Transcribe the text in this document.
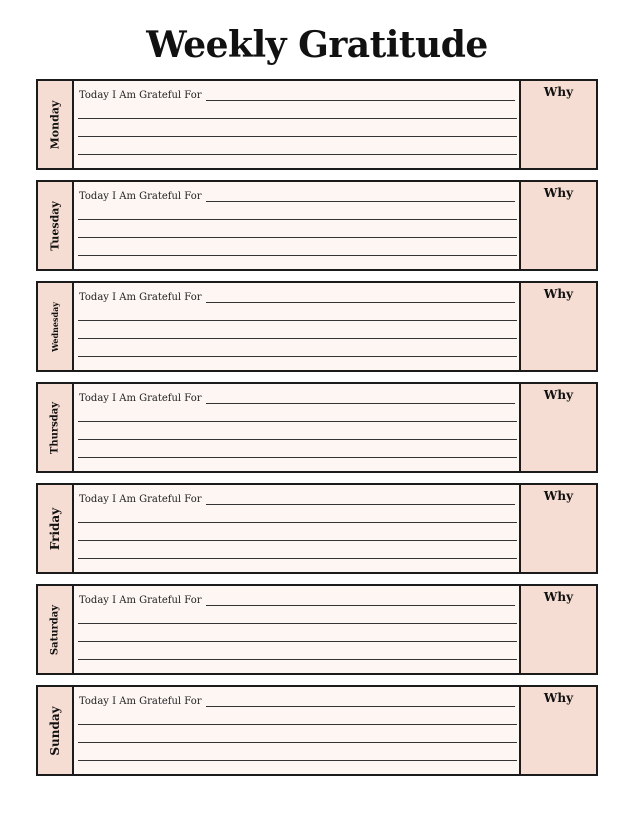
Weekly Gratitude
Monday
Today I Am Grateful For	Why
Tuesday
Today I Am Grateful For	Why
Wednesday
Today I Am Grateful For	Why
Thursday
Today I Am Grateful For	Why
Friday
Today I Am Grateful For	Why
Saturday
Today I Am Grateful For	Why
Sunday
Today I Am Grateful For	Why
